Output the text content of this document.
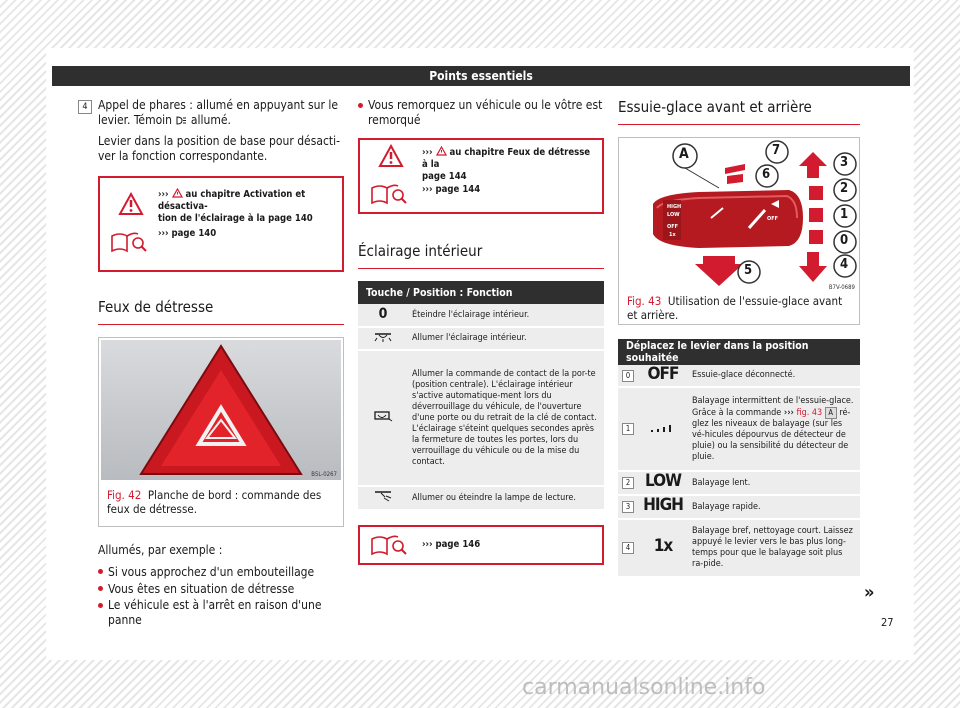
Points essentiels
4 Appel de phares : allumé en appuyant sur le levier. Témoin allumé.

Levier dans la position de base pour désacti-ver la fonction correspondante.

››› au chapitre Activation et désactiva-
tion de l'éclairage à la page 140
››› page 140
Feux de détresse
B5L-0267
Fig. 42 Planche de bord : commande des feux de détresse.

Allumés, par exemple :

Si vous approchez d'un embouteillage
Vous êtes en situation de détresse
Le véhicule est à l'arrêt en raison d'une panne
Vous remorquez un véhicule ou le vôtre est remorqué
››› au chapitre Feux de détresse à la
page 144
››› page 144
Éclairage intérieur
Touche / Position : Fonction	
0	Éteindre l'éclairage intérieur.
	Allumer l'éclairage intérieur.
	Allumer la commande de contact de la por-te (position centrale). L'éclairage intérieur s'active automatique-ment lors du déverrouillage du véhicule, de l'ouverture d'une porte ou du retrait de la clé de contact. L'éclairage s'éteint quelques secondes après la fermeture de toutes les portes, lors du verrouillage du véhicule ou de la mise du contact.
	Allumer ou éteindre la lampe de lecture.
››› page 146
Essuie-glace avant et arrière
A	7
6
3
2
1
0
4
5
HIGH
LOW
OFF
1x
OFF
B7V-0689
Fig. 43 Utilisation de l'essuie-glace avant et arrière.
Déplacez le levier dans la position souhaitée		
0	OFF	Essuie-glace déconnecté.
1		Balayage intermittent de l'essuie-glace. Grâce à la commande ››› fig. 43 A ré-glez les niveaux de balayage (sur les vé-hicules dépourvus de détecteur de pluie) ou la sensibilité du détecteur de pluie.
2	LOW	Balayage lent.
3	HIGH	Balayage rapide.
4	1x	Balayage bref, nettoyage court. Laissez appuyé le levier vers le bas plus long-temps pour que le balayage soit plus ra-pide.
»
27
carmanualsonline.info
